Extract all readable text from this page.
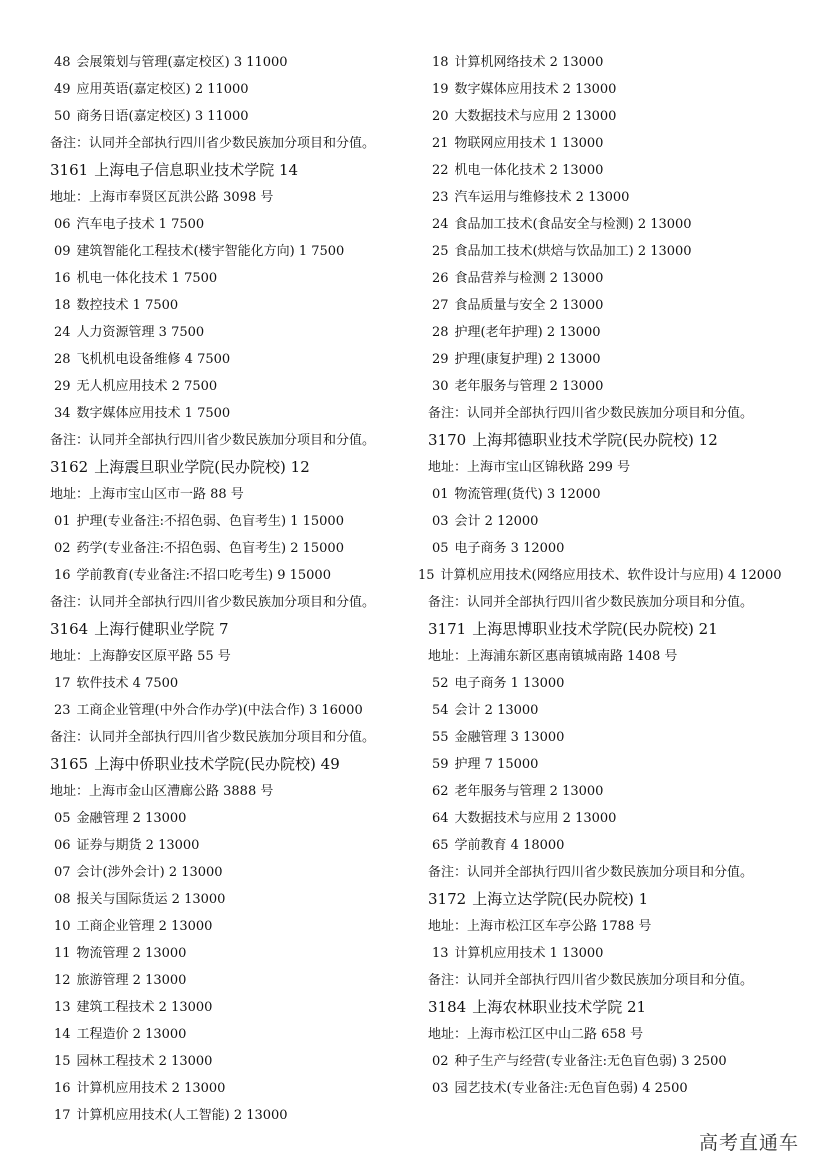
48 会展策划与管理(嘉定校区) 3 11000
49 应用英语(嘉定校区) 2 11000
50 商务日语(嘉定校区) 3 11000
备注：认同并全部执行四川省少数民族加分项目和分值。
3161 上海电子信息职业技术学院 14
地址：上海市奉贤区瓦洪公路 3098 号
06 汽车电子技术 1 7500
09 建筑智能化工程技术(楼宇智能化方向) 1 7500
16 机电一体化技术 1 7500
18 数控技术 1 7500
24 人力资源管理 3 7500
28 飞机机电设备维修 4 7500
29 无人机应用技术 2 7500
34 数字媒体应用技术 1 7500
备注：认同并全部执行四川省少数民族加分项目和分值。
3162 上海震旦职业学院(民办院校) 12
地址：上海市宝山区市一路 88 号
01 护理(专业备注:不招色弱、色盲考生) 1 15000
02 药学(专业备注:不招色弱、色盲考生) 2 15000
16 学前教育(专业备注:不招口吃考生) 9 15000
备注：认同并全部执行四川省少数民族加分项目和分值。
3164 上海行健职业学院 7
地址：上海静安区原平路 55 号
17 软件技术 4 7500
23 工商企业管理(中外合作办学)(中法合作) 3 16000
备注：认同并全部执行四川省少数民族加分项目和分值。
3165 上海中侨职业技术学院(民办院校) 49
地址：上海市金山区漕廊公路 3888 号
05 金融管理 2 13000
06 证券与期货 2 13000
07 会计(涉外会计) 2 13000
08 报关与国际货运 2 13000
10 工商企业管理 2 13000
11 物流管理 2 13000
12 旅游管理 2 13000
13 建筑工程技术 2 13000
14 工程造价 2 13000
15 园林工程技术 2 13000
16 计算机应用技术 2 13000
17 计算机应用技术(人工智能) 2 13000
18 计算机网络技术 2 13000
19 数字媒体应用技术 2 13000
20 大数据技术与应用 2 13000
21 物联网应用技术 1 13000
22 机电一体化技术 2 13000
23 汽车运用与维修技术 2 13000
24 食品加工技术(食品安全与检测) 2 13000
25 食品加工技术(烘焙与饮品加工) 2 13000
26 食品营养与检测 2 13000
27 食品质量与安全 2 13000
28 护理(老年护理) 2 13000
29 护理(康复护理) 2 13000
30 老年服务与管理 2 13000
备注：认同并全部执行四川省少数民族加分项目和分值。
3170 上海邦德职业技术学院(民办院校) 12
地址：上海市宝山区锦秋路 299 号
01 物流管理(货代) 3 12000
03 会计 2 12000
05 电子商务 3 12000
15 计算机应用技术(网络应用技术、软件设计与应用) 4 12000
备注：认同并全部执行四川省少数民族加分项目和分值。
3171 上海思博职业技术学院(民办院校) 21
地址：上海浦东新区惠南镇城南路 1408 号
52 电子商务 1 13000
54 会计 2 13000
55 金融管理 3 13000
59 护理 7 15000
62 老年服务与管理 2 13000
64 大数据技术与应用 2 13000
65 学前教育 4 18000
备注：认同并全部执行四川省少数民族加分项目和分值。
3172 上海立达学院(民办院校) 1
地址：上海市松江区车亭公路 1788 号
13 计算机应用技术 1 13000
备注：认同并全部执行四川省少数民族加分项目和分值。
3184 上海农林职业技术学院 21
地址：上海市松江区中山二路 658 号
02 种子生产与经营(专业备注:无色盲色弱) 3 2500
03 园艺技术(专业备注:无色盲色弱) 4 2500
高考直通车
